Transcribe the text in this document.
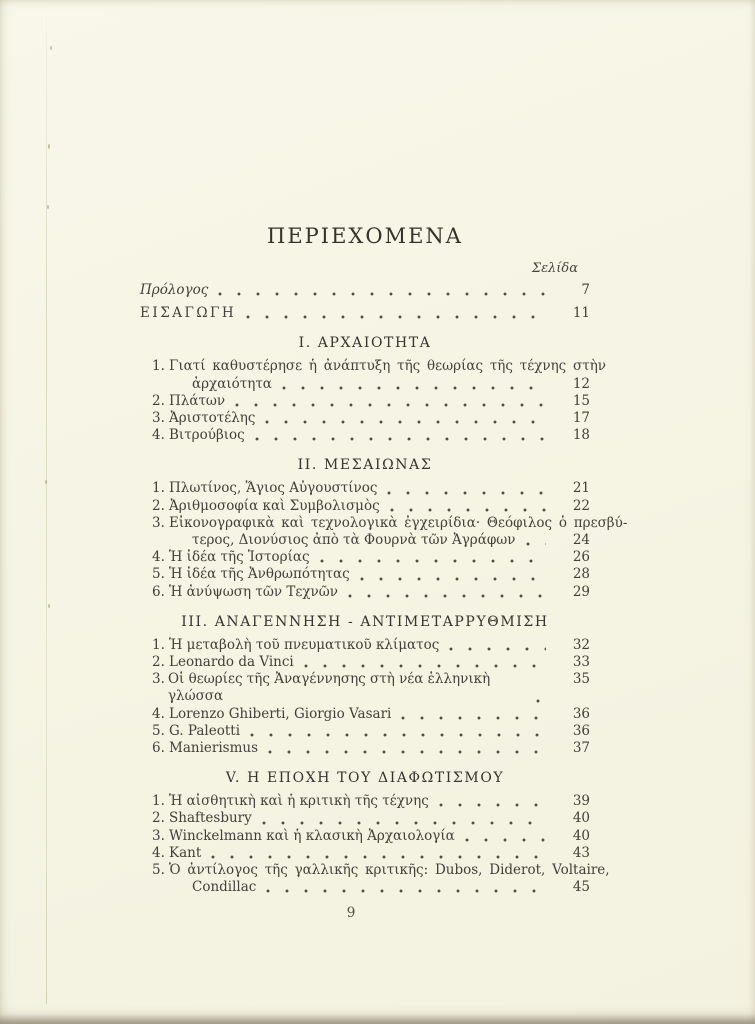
ΠΕΡΙΕΧΟΜΕΝΑ
Σελίδα
Πρόλογος	7
ΕΙΣΑΓΩΓΗ	11
I. ΑΡΧΑΙΟΤΗΤΑ
1. Γιατί καθυστέρησε ἡ ἀνάπτυξη τῆς θεωρίας τῆς τέχνης στὴν
ἀρχαιότητα	12
2. Πλάτων	15
3. Ἀριστοτέλης	17
4. Βιτρούβιος	18
II. ΜΕΣΑΙΩΝΑΣ
1. Πλωτίνος, Ἅγιος Αὐγουστίνος	21
2. Ἀριθμοσοφία καὶ Συμβολισμὸς	22
3. Εἰκονογραφικὰ καὶ τεχνολογικὰ ἐγχειρίδια· Θεόφιλος ὁ πρεσβύ-
τερος, Διονύσιος ἀπὸ τὰ Φουρνὰ τῶν Ἀγράφων	24
4. Ἡ ἰδέα τῆς Ἱστορίας	26
5. Ἡ ἰδέα τῆς Ἀνθρωπότητας	28
6. Ἡ ἀνύψωση τῶν Τεχνῶν	29
III. ΑΝΑΓΕΝΝΗΣΗ - ΑΝΤΙΜΕΤΑΡΡΥΘΜΙΣΗ
1. Ἡ μεταβολὴ τοῦ πνευματικοῦ κλίματος	32
2. Leonardo da Vinci	33
3. Οἱ θεωρίες τῆς Ἀναγέννησης στὴ νέα ἑλληνικὴ γλώσσα
35
4. Lorenzo Ghiberti, Giorgio Vasari	36
5. G. Paleotti	36
6. Manierismus	37
V. Η ΕΠΟΧΗ ΤΟΥ ΔΙΑΦΩΤΙΣΜΟΥ
1. Ἡ αἰσθητικὴ καὶ ἡ κριτικὴ τῆς τέχνης	39
2. Shaftesbury	40
3. Winckelmann καὶ ἡ κλασικὴ Ἀρχαιολογία	40
4. Kant	43
5. Ὁ ἀντίλογος τῆς γαλλικῆς κριτικῆς: Dubos, Diderot, Voltaire,
Condillac	45
9
